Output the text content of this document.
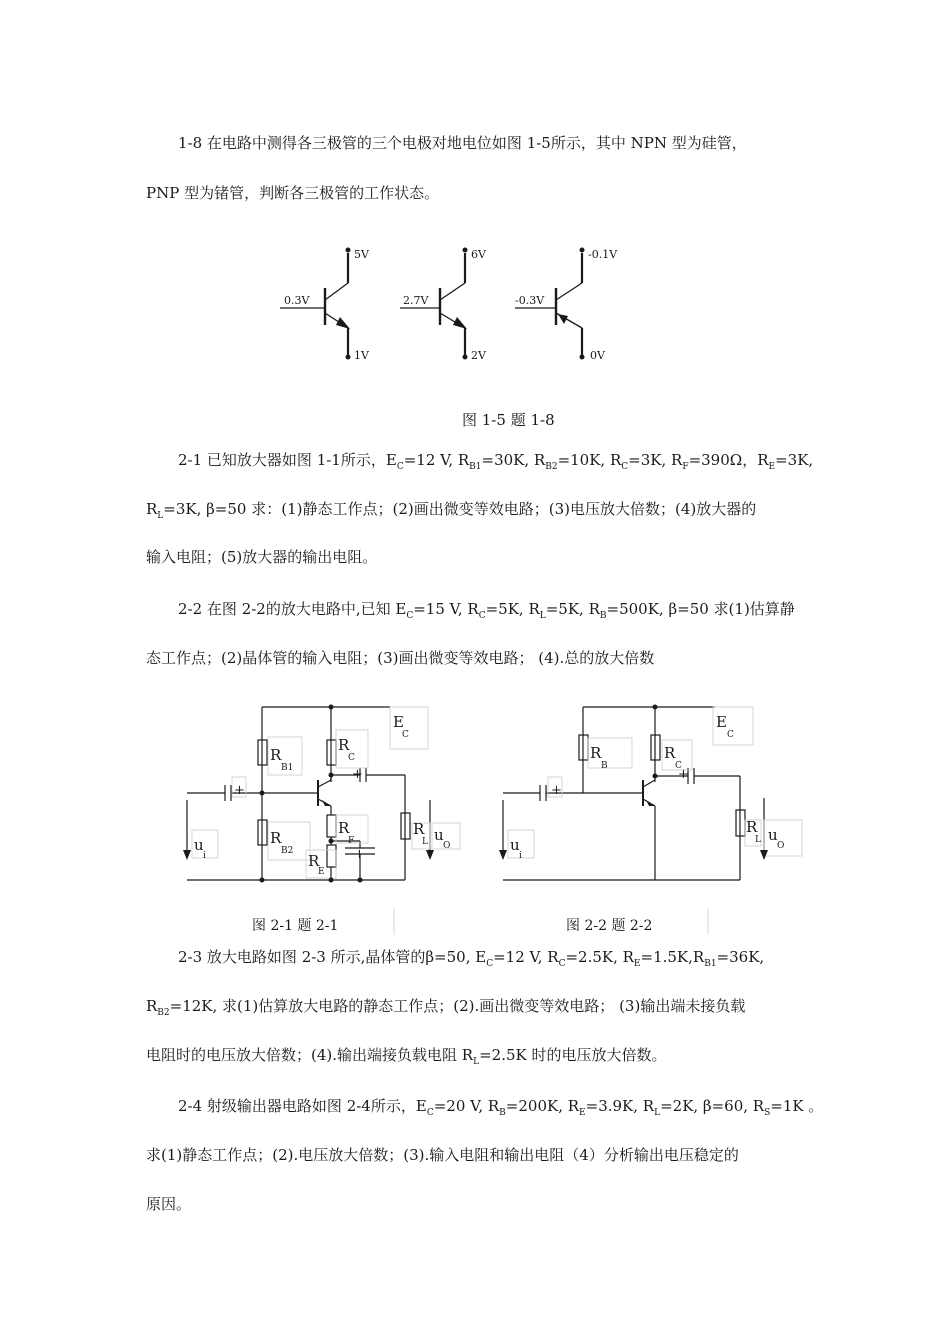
1-8 在电路中测得各三极管的三个电极对地电位如图 1-5所示，其中 NPN 型为硅管，
PNP 型为锗管，判断各三极管的工作状态。
5V
0.3V
1V
6V
2.7V
2V
-0.1V
-0.3V
0V
图 1-5 题 1-8
2-1 已知放大器如图 1-1所示，$E_C=12$ V, $R_{B1}=30K$, $R_{B2}=10K$, $R_C=3K$, $R_F=390\Omega$，$R_E=3K$,
$R_L=3K$, β=50 求：(1)静态工作点；(2)画出微变等效电路；(3)电压放大倍数；(4)放大器的
输入电阻；(5)放大器的输出电阻。
2-2 在图 2-2的放大电路中,已知 $E_C=15$ V, $R_C=5K$, $R_L=5K$, $R_B=500K$, β=50 求(1)估算静
态工作点；(2)晶体管的输入电阻；(3)画出微变等效电路； (4).总的放大倍数
E
C
R
C
R
B1
R
B2
R
F
R
E
R
L
u
i
u
O
+
+
+
E
C
R
B
R
C
R
L
u
i
u
O
+
+
图 2-1 题 2-1	图 2-2 题 2-2
2-3 放大电路如图 2-3 所示,晶体管的β=50, $E_C=12$ V, $R_C=2.5K$, $R_E=1.5K,R_{B1}=36K$,
$R_{B2}=12K$, 求(1)估算放大电路的静态工作点；(2).画出微变等效电路； (3)输出端未接负载
电阻时的电压放大倍数；(4).输出端接负载电阻 $R_L=2.5K$ 时的电压放大倍数。
2-4 射级输出器电路如图 2-4所示，$E_C=20$ V, $R_B=200K$, $R_E=3.9K$, $R_L=2K$, β=60, $R_S=1K$ 。
求(1)静态工作点；(2).电压放大倍数；(3).输入电阻和输出电阻（4）分析输出电压稳定的
原因。
